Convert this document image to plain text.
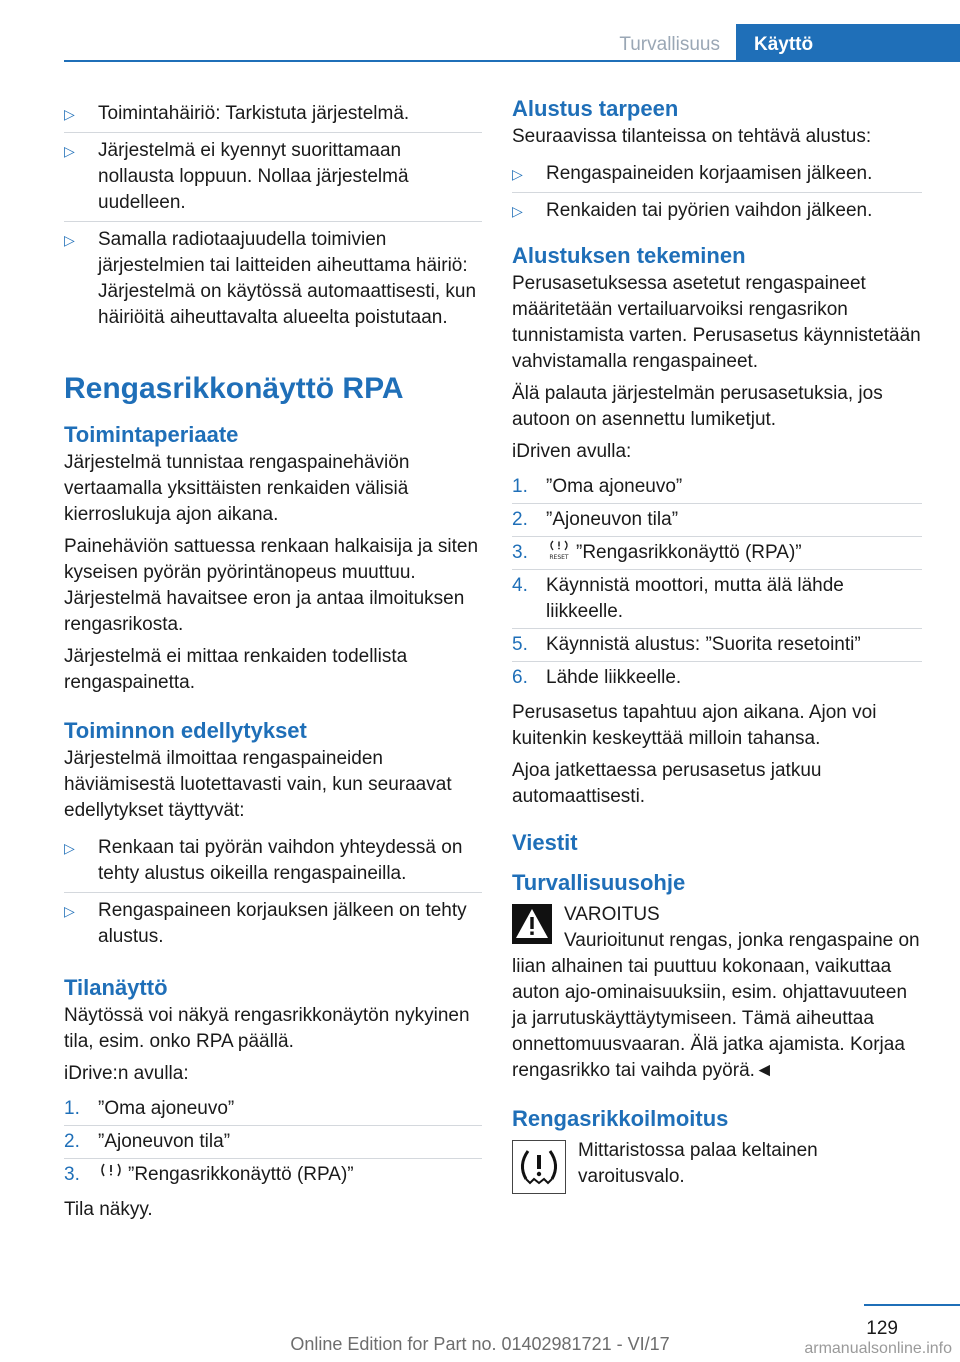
Turvallisuus	Käyttö
▷ Toimintahäiriö: Tarkistuta järjestelmä.
▷ Järjestelmä ei kyennyt suorittamaan nollausta loppuun. Nollaa järjestelmä uudelleen.
▷ Samalla radiotaajuudella toimivien järjestelmien tai laitteiden aiheuttama häiriö: Järjestelmä on käytössä automaattisesti, kun häiriöitä aiheuttavalta alueelta poistutaan.
Rengasrikkonäyttö RPA
Toimintaperiaate

Järjestelmä tunnistaa rengaspainehäviön vertaamalla yksittäisten renkaiden välisiä kierroslukuja ajon aikana.

Painehäviön sattuessa renkaan halkaisija ja siten kyseisen pyörän pyörintänopeus muuttuu. Järjestelmä havaitsee eron ja antaa ilmoituksen rengasrikosta.

Järjestelmä ei mittaa renkaiden todellista rengaspainetta.

Toiminnon edellytykset

Järjestelmä ilmoittaa rengaspaineiden häviämisestä luotettavasti vain, kun seuraavat edellytykset täyttyvät:

▷ Renkaan tai pyörän vaihdon yhteydessä on tehty alustus oikeilla rengaspaineilla.
▷ Rengaspaineen korjauksen jälkeen on tehty alustus.
Tilanäyttö

Näytössä voi näkyä rengasrikkonäytön nykyinen tila, esim. onko RPA päällä.

iDrive:n avulla:

1. ”Oma ajoneuvo”
2. ”Ajoneuvon tila”
3.	”Rengasrikkonäyttö (RPA)”

Tila näkyy.

Alustus tarpeen

Seuraavissa tilanteissa on tehtävä alustus:

▷ Rengaspaineiden korjaamisen jälkeen.
▷ Renkaiden tai pyörien vaihdon jälkeen.
Alustuksen tekeminen

Perusasetuksessa asetetut rengaspaineet määritetään vertailuarvoiksi rengasrikon tunnistamista varten. Perusasetus käynnistetään vahvistamalla rengaspaineet.

Älä palauta järjestelmän perusasetuksia, jos autoon on asennettu lumiketjut.

iDriven avulla:

1. ”Oma ajoneuvo”
2. ”Ajoneuvon tila”
3.	RESET ”Rengasrikkonäyttö (RPA)”
4. Käynnistä moottori, mutta älä lähde liikkeelle.
5. Käynnistä alustus: ”Suorita resetointi”
6. Lähde liikkeelle.

Perusasetus tapahtuu ajon aikana. Ajon voi kuitenkin keskeyttää milloin tahansa.

Ajoa jatkettaessa perusasetus jatkuu automaattisesti.

Viestit
Turvallisuusohje
VAROITUS
Vaurioitunut rengas, jonka rengaspaine on liian alhainen tai puuttuu kokonaan, vaikuttaa auton ajo-ominaisuuksiin, esim. ohjattavuuteen ja jarrutuskäyttäytymiseen. Tämä aiheuttaa onnettomuusvaaran. Älä jatka ajamista. Korjaa rengasrikko tai vaihda pyörä.◄
Rengasrikkoilmoitus

Mittaristossa palaa keltainen varoitusvalo.

129
Online Edition for Part no. 01402981721 - VI/17	armanualsonline.info
